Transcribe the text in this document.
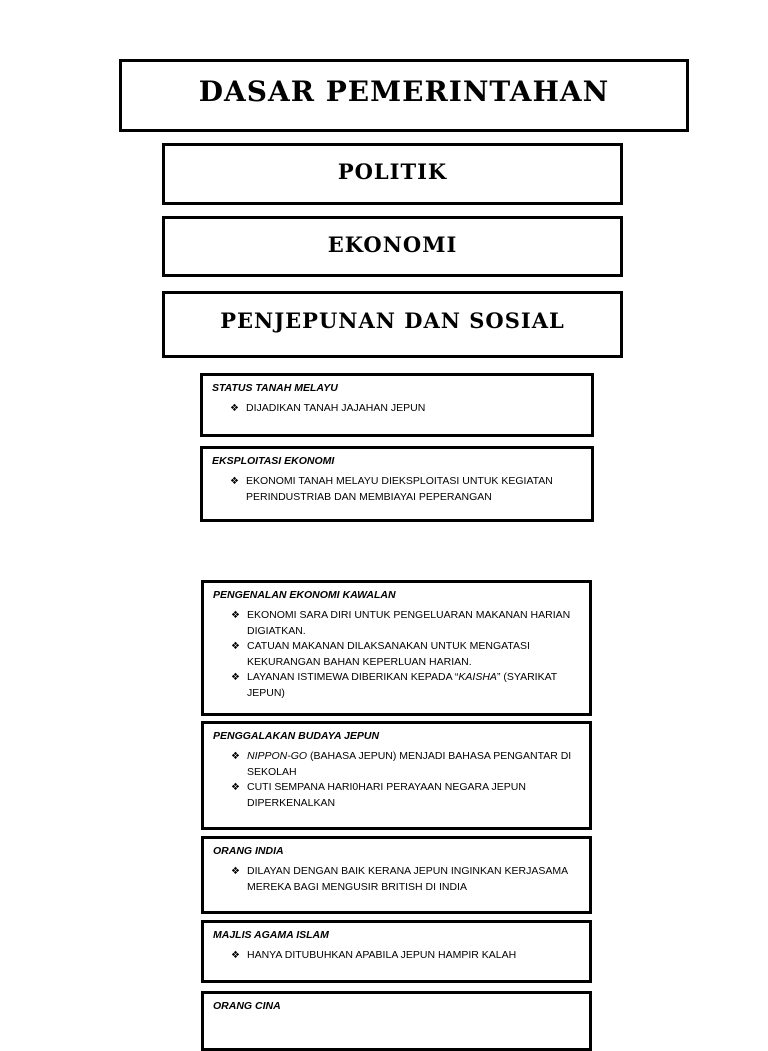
DASAR PEMERINTAHAN
POLITIK
EKONOMI
PENJEPUNAN DAN SOSIAL
STATUS TANAH MELAYU
❖ DIJADIKAN TANAH JAJAHAN JEPUN
EKSPLOITASI EKONOMI
❖ EKONOMI TANAH MELAYU DIEKSPLOITASI UNTUK KEGIATAN PERINDUSTRIAB DAN MEMBIAYAI PEPERANGAN
PENGENALAN EKONOMI KAWALAN
❖ EKONOMI SARA DIRI UNTUK PENGELUARAN MAKANAN HARIAN DIGIATKAN.
❖ CATUAN MAKANAN DILAKSANAKAN UNTUK MENGATASI KEKURANGAN BAHAN KEPERLUAN HARIAN.
❖ LAYANAN ISTIMEWA DIBERIKAN KEPADA “KAISHA” (SYARIKAT JEPUN)
PENGGALAKAN BUDAYA JEPUN
❖ NIPPON-GO (BAHASA JEPUN) MENJADI BAHASA PENGANTAR DI SEKOLAH
❖ CUTI SEMPANA HARI0HARI PERAYAAN NEGARA JEPUN DIPERKENALKAN
ORANG INDIA
❖ DILAYAN DENGAN BAIK KERANA JEPUN INGINKAN KERJASAMA MEREKA BAGI MENGUSIR BRITISH DI INDIA
MAJLIS AGAMA ISLAM
❖ HANYA DITUBUHKAN APABILA JEPUN HAMPIR KALAH
ORANG CINA
